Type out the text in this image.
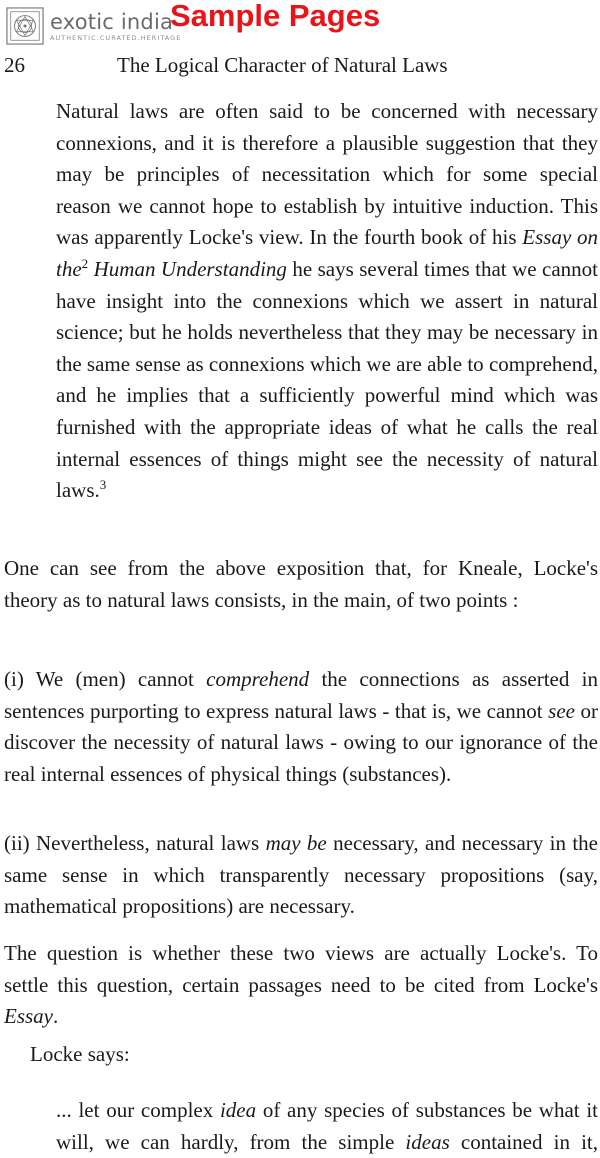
exotic india
AUTHENTIC.CURATED.HERITAGE
Sample Pages
26	The Logical Character of Natural Laws

Natural laws are often said to be concerned with necessary connexions, and it is therefore a plausible suggestion that they may be principles of necessitation which for some special reason we cannot hope to establish by intuitive induction. This was apparently Locke's view. In the fourth book of his Essay on the$^2$ Human Understanding he says several times that we cannot have insight into the connexions which we assert in natural science; but he holds nevertheless that they may be necessary in the same sense as connexions which we are able to comprehend, and he implies that a sufficiently powerful mind which was furnished with the appropriate ideas of what he calls the real internal essences of things might see the necessity of natural laws.$^3$

One can see from the above exposition that, for Kneale, Locke's theory as to natural laws consists, in the main, of two points :

(i) We (men) cannot comprehend the connections as asserted in sentences purporting to express natural laws - that is, we cannot see or discover the necessity of natural laws - owing to our ignorance of the real internal essences of physical things (substances).

(ii) Nevertheless, natural laws may be necessary, and necessary in the same sense in which transparently necessary propositions (say, mathematical propositions) are necessary.

The question is whether these two views are actually Locke's. To settle this question, certain passages need to be cited from Locke's Essay.

Locke says:

... let our complex idea of any species of substances be what it will, we can hardly, from the simple ideas contained in it,
